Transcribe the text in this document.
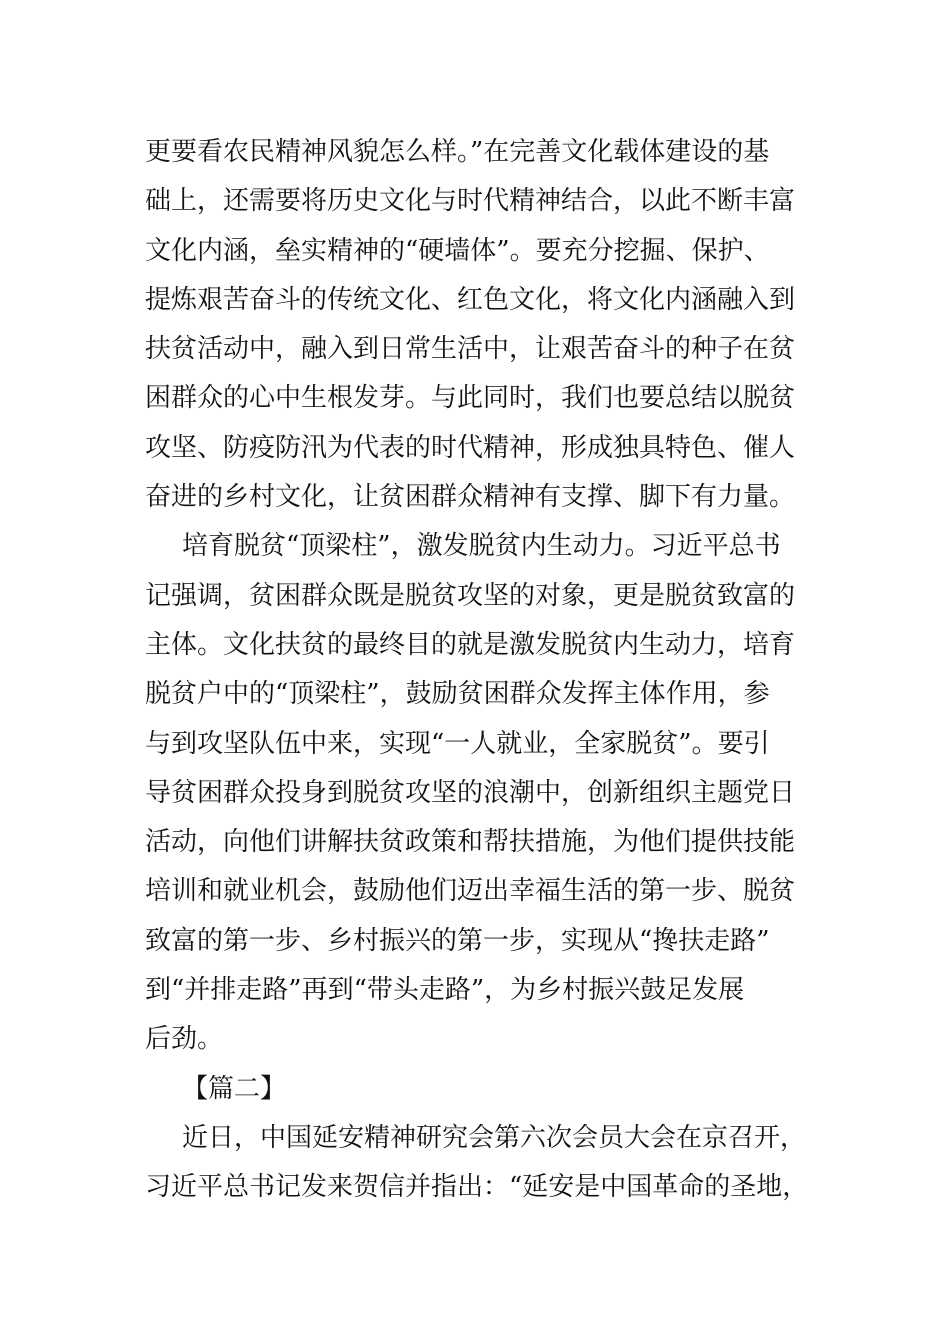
更要看农民精神风貌怎么样。”在完善文化载体建设的基
础上，还需要将历史文化与时代精神结合，以此不断丰富
文化内涵，垒实精神的“硬墙体”。要充分挖掘、保护、
提炼艰苦奋斗的传统文化、红色文化，将文化内涵融入到
扶贫活动中，融入到日常生活中，让艰苦奋斗的种子在贫
困群众的心中生根发芽。与此同时，我们也要总结以脱贫
攻坚、防疫防汛为代表的时代精神，形成独具特色、催人
奋进的乡村文化，让贫困群众精神有支撑、脚下有力量。
培育脱贫“顶梁柱”，激发脱贫内生动力。习近平总书
记强调，贫困群众既是脱贫攻坚的对象，更是脱贫致富的
主体。文化扶贫的最终目的就是激发脱贫内生动力，培育
脱贫户中的“顶梁柱”，鼓励贫困群众发挥主体作用，参
与到攻坚队伍中来，实现“一人就业，全家脱贫”。要引
导贫困群众投身到脱贫攻坚的浪潮中，创新组织主题党日
活动，向他们讲解扶贫政策和帮扶措施，为他们提供技能
培训和就业机会，鼓励他们迈出幸福生活的第一步、脱贫
致富的第一步、乡村振兴的第一步，实现从“搀扶走路”
到“并排走路”再到“带头走路”，为乡村振兴鼓足发展
后劲。
【篇二】
近日，中国延安精神研究会第六次会员大会在京召开，
习近平总书记发来贺信并指出：“延安是中国革命的圣地，
